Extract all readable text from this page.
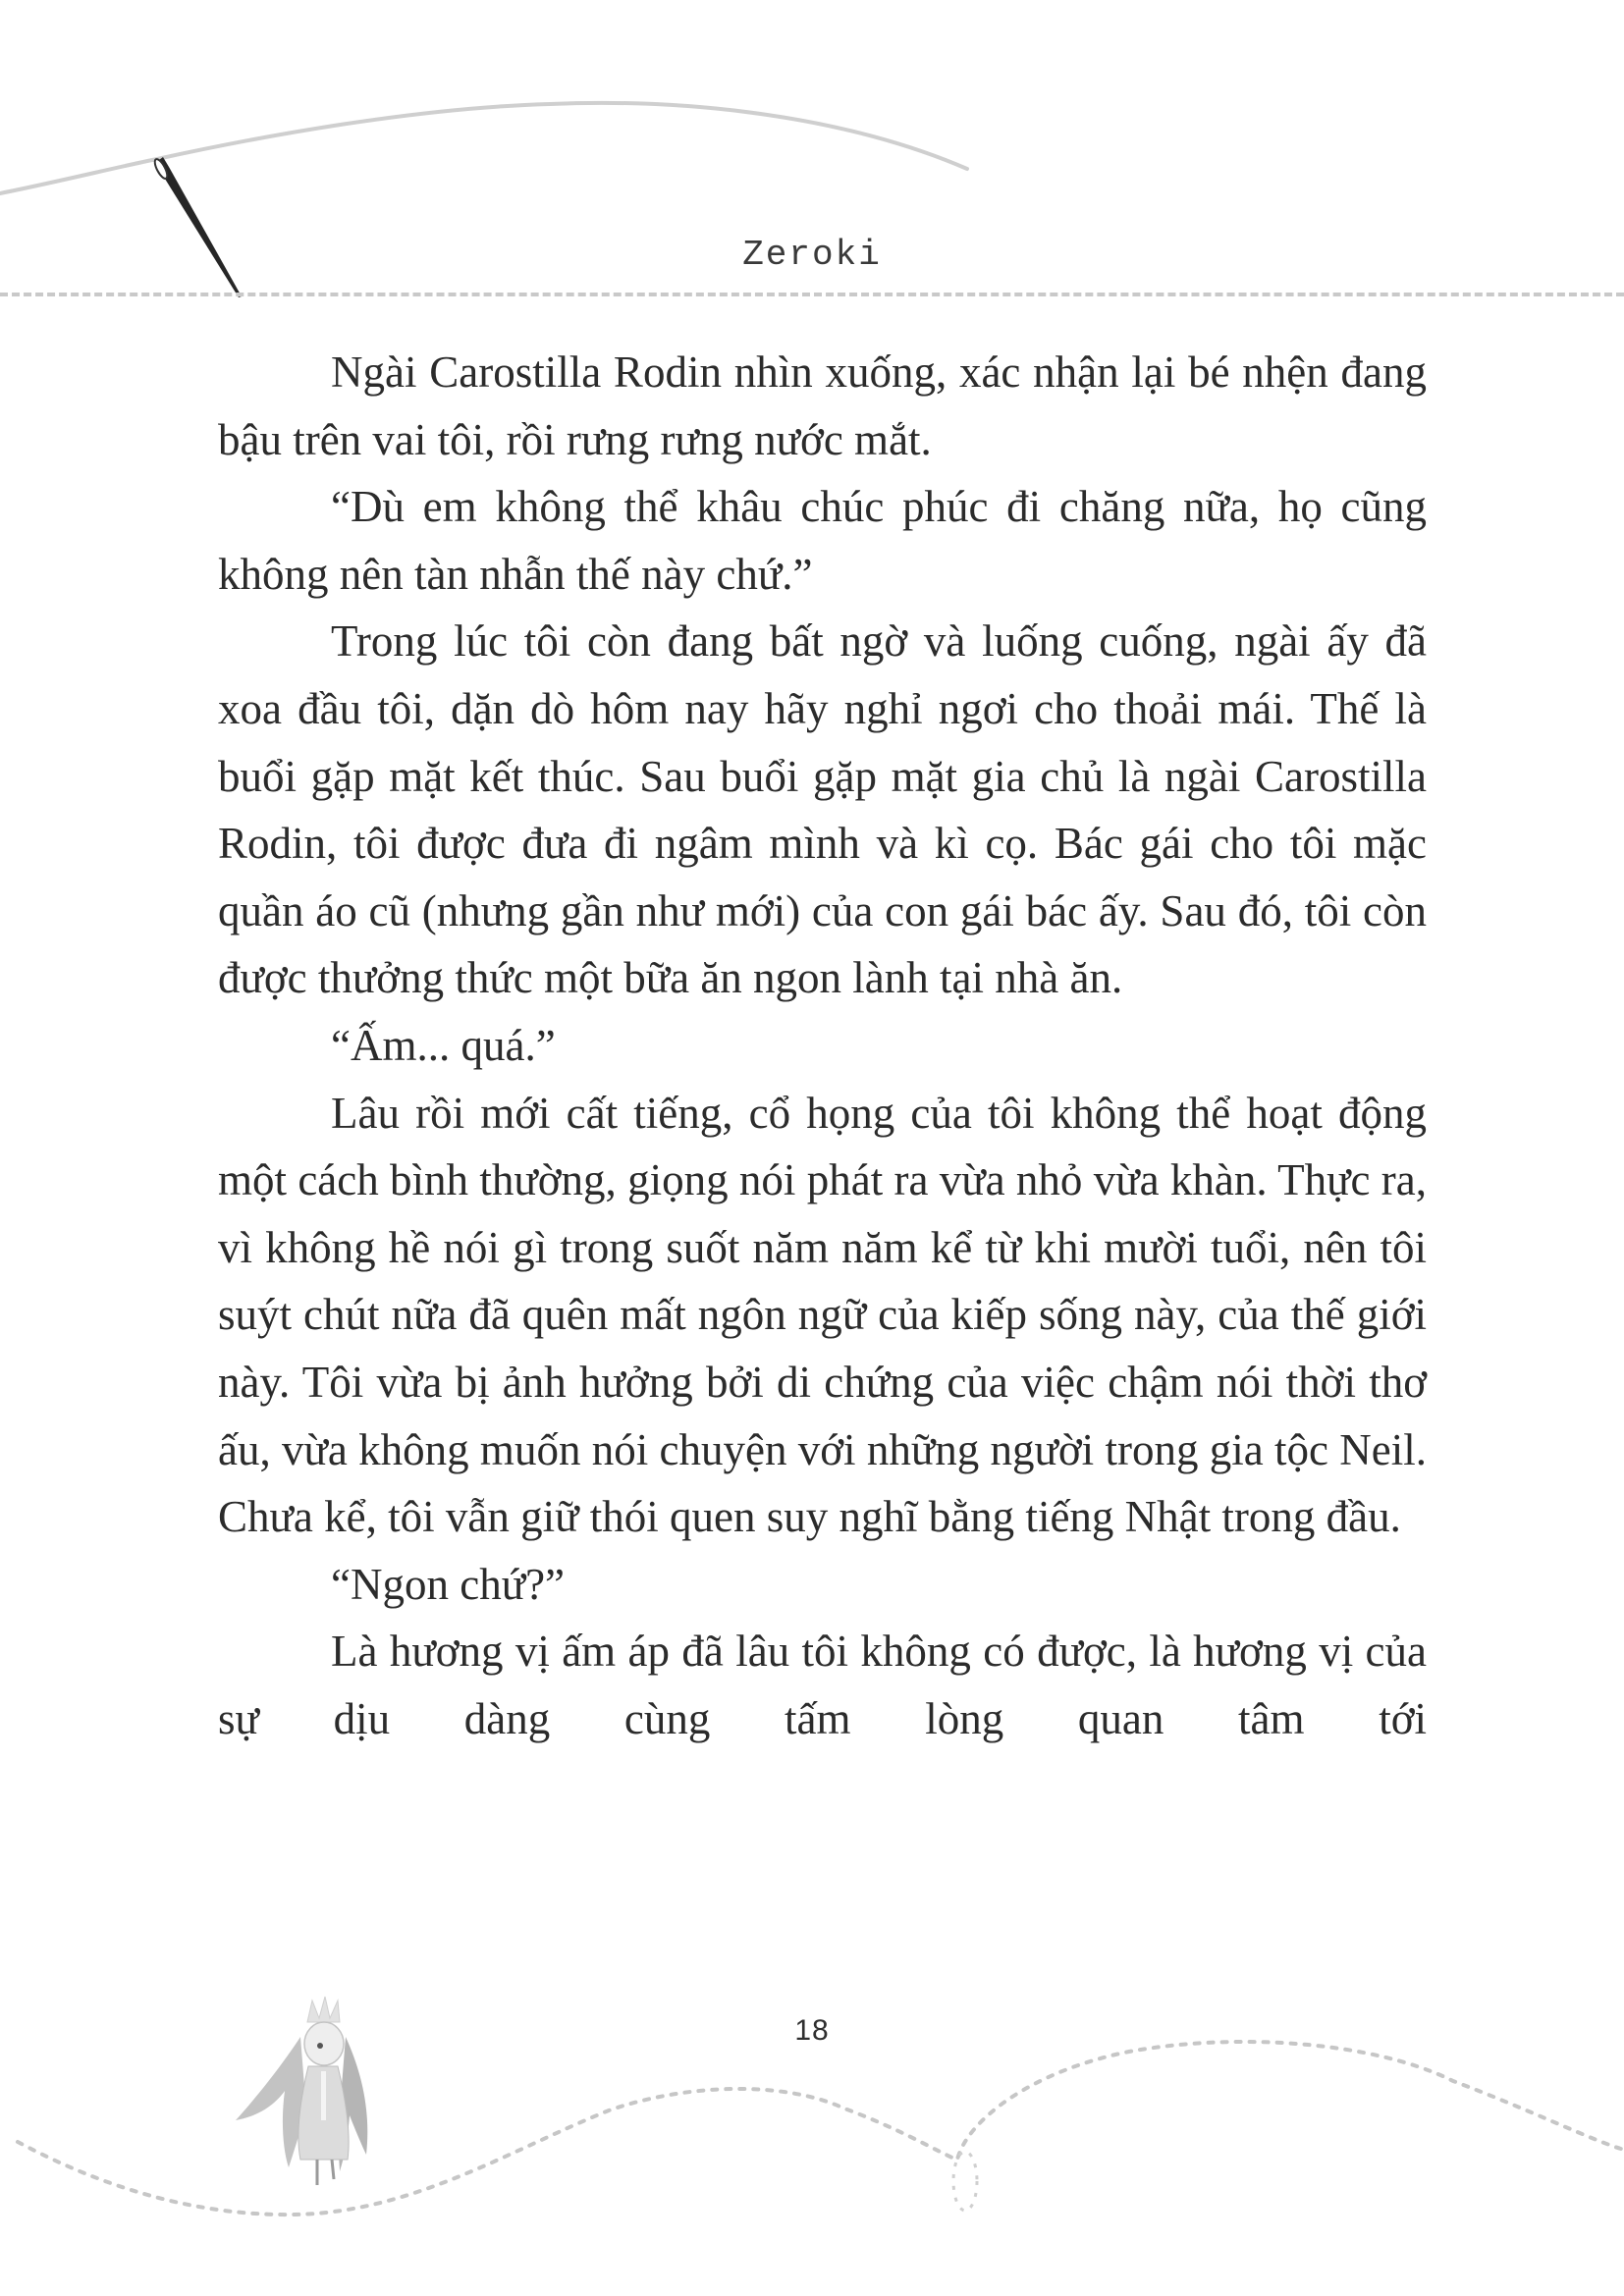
Zeroki

Ngài Carostilla Rodin nhìn xuống, xác nhận lại bé nhện đang bậu trên vai tôi, rồi rưng rưng nước mắt.

“Dù em không thể khâu chúc phúc đi chăng nữa, họ cũng không nên tàn nhẫn thế này chứ.”

Trong lúc tôi còn đang bất ngờ và luống cuống, ngài ấy đã xoa đầu tôi, dặn dò hôm nay hãy nghỉ ngơi cho thoải mái. Thế là buổi gặp mặt kết thúc. Sau buổi gặp mặt gia chủ là ngài Carostilla Rodin, tôi được đưa đi ngâm mình và kì cọ. Bác gái cho tôi mặc quần áo cũ (nhưng gần như mới) của con gái bác ấy. Sau đó, tôi còn được thưởng thức một bữa ăn ngon lành tại nhà ăn.

“Ấm... quá.”

Lâu rồi mới cất tiếng, cổ họng của tôi không thể hoạt động một cách bình thường, giọng nói phát ra vừa nhỏ vừa khàn. Thực ra, vì không hề nói gì trong suốt năm năm kể từ khi mười tuổi, nên tôi suýt chút nữa đã quên mất ngôn ngữ của kiếp sống này, của thế giới này. Tôi vừa bị ảnh hưởng bởi di chứng của việc chậm nói thời thơ ấu, vừa không muốn nói chuyện với những người trong gia tộc Neil. Chưa kể, tôi vẫn giữ thói quen suy nghĩ bằng tiếng Nhật trong đầu.

“Ngon chứ?”

Là hương vị ấm áp đã lâu tôi không có được, là hương vị của sự dịu dàng cùng tấm lòng quan tâm tới

18
